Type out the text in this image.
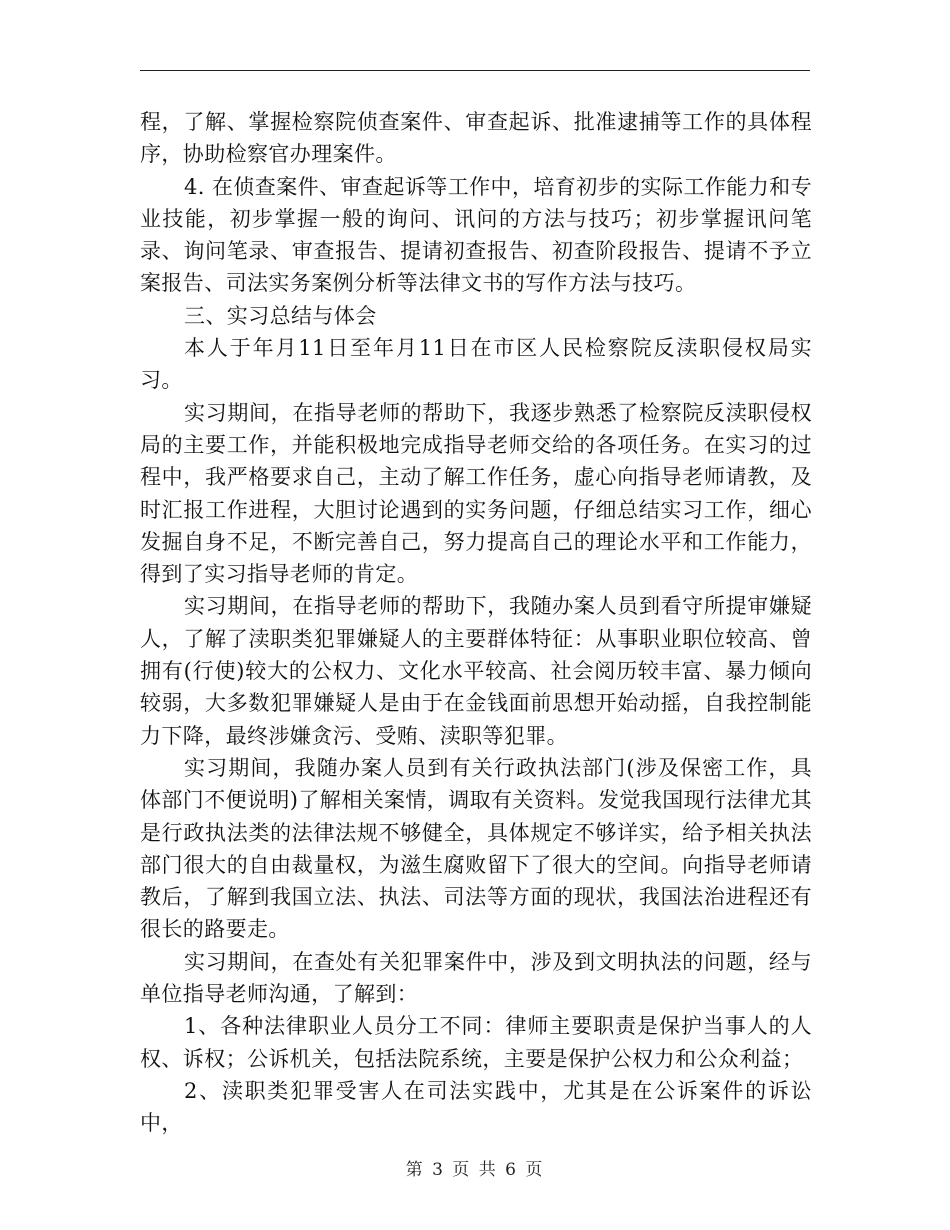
程，了解、掌握检察院侦查案件、审查起诉、批准逮捕等工作的具体程序，协助检察官办理案件。

4. 在侦查案件、审查起诉等工作中，培育初步的实际工作能力和专业技能，初步掌握一般的询问、讯问的方法与技巧；初步掌握讯问笔录、询问笔录、审查报告、提请初查报告、初查阶段报告、提请不予立案报告、司法实务案例分析等法律文书的写作方法与技巧。

三、实习总结与体会

本人于年月11日至年月11日在市区人民检察院反渎职侵权局实习。

实习期间，在指导老师的帮助下，我逐步熟悉了检察院反渎职侵权局的主要工作，并能积极地完成指导老师交给的各项任务。在实习的过程中，我严格要求自己，主动了解工作任务，虚心向指导老师请教，及时汇报工作进程，大胆讨论遇到的实务问题，仔细总结实习工作，细心发掘自身不足，不断完善自己，努力提高自己的理论水平和工作能力，得到了实习指导老师的肯定。

实习期间，在指导老师的帮助下，我随办案人员到看守所提审嫌疑人，了解了渎职类犯罪嫌疑人的主要群体特征：从事职业职位较高、曾拥有(行使)较大的公权力、文化水平较高、社会阅历较丰富、暴力倾向较弱，大多数犯罪嫌疑人是由于在金钱面前思想开始动摇，自我控制能力下降，最终涉嫌贪污、受贿、渎职等犯罪。

实习期间，我随办案人员到有关行政执法部门(涉及保密工作，具体部门不便说明)了解相关案情，调取有关资料。发觉我国现行法律尤其是行政执法类的法律法规不够健全，具体规定不够详实，给予相关执法部门很大的自由裁量权，为滋生腐败留下了很大的空间。向指导老师请教后，了解到我国立法、执法、司法等方面的现状，我国法治进程还有很长的路要走。

实习期间，在查处有关犯罪案件中，涉及到文明执法的问题，经与单位指导老师沟通，了解到：

1、各种法律职业人员分工不同：律师主要职责是保护当事人的人权、诉权；公诉机关，包括法院系统，主要是保护公权力和公众利益；

2、渎职类犯罪受害人在司法实践中，尤其是在公诉案件的诉讼中，

第 3 页 共 6 页
